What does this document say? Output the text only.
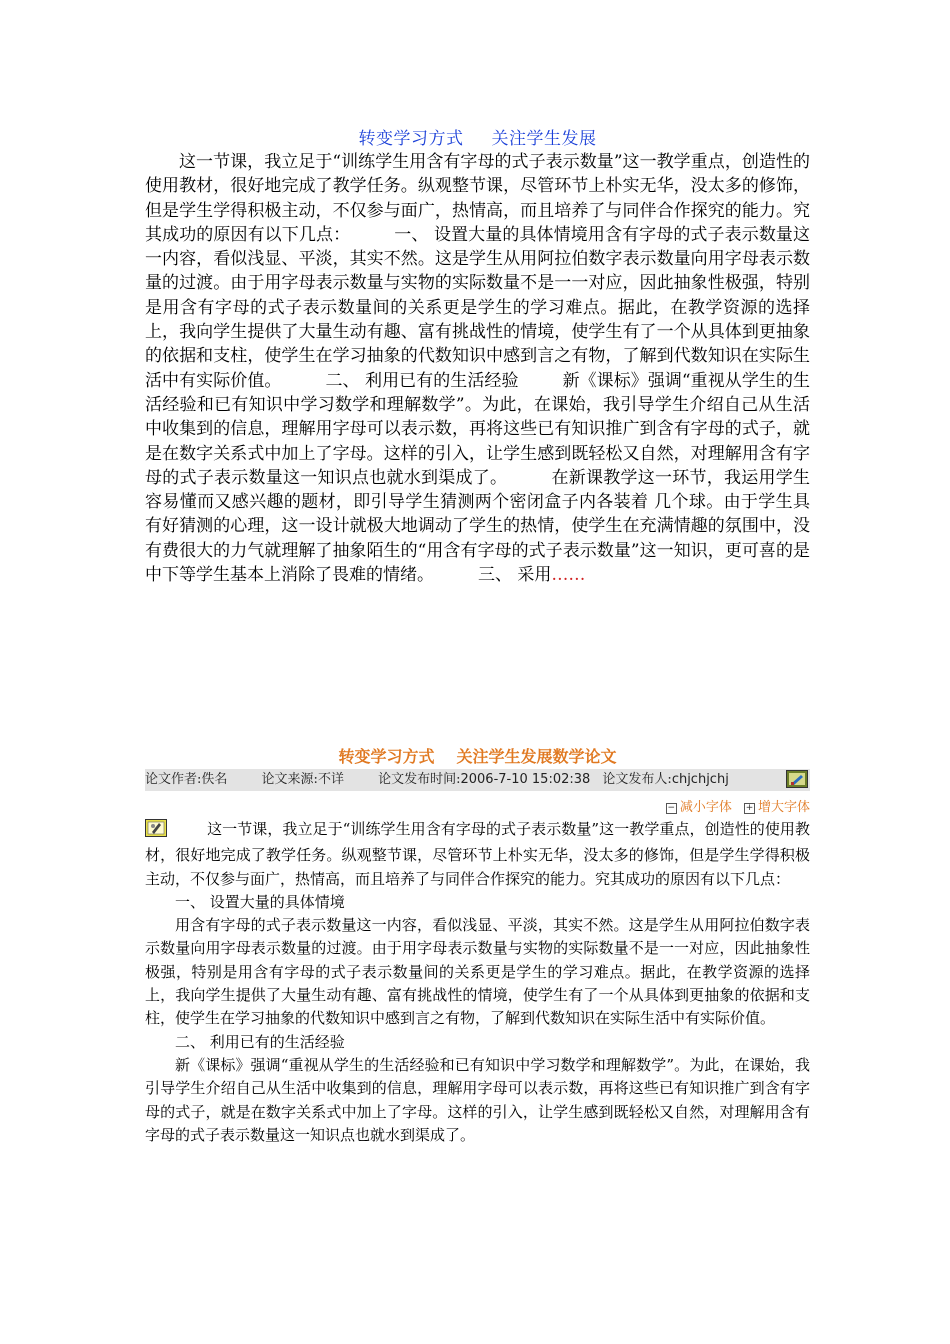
转变学习方式 关注学生发展
这一节课，我立足于“训练学生用含有字母的式子表示数量”这一教学重点，创造性的使用教材，很好地完成了教学任务。纵观整节课，尽管环节上朴实无华，没太多的修饰，但是学生学得积极主动，不仅参与面广，热情高，而且培养了与同伴合作探究的能力。究其成功的原因有以下几点：	一、 设置大量的具体情境用含有字母的式子表示数量这一内容，看似浅显、平淡，其实不然。这是学生从用阿拉伯数字表示数量向用字母表示数量的过渡。由于用字母表示数量与实物的实际数量不是一一对应，因此抽象性极强，特别是用含有字母的式子表示数量间的关系更是学生的学习难点。据此，在教学资源的选择上，我向学生提供了大量生动有趣、富有挑战性的情境，使学生有了一个从具体到更抽象的依据和支柱，使学生在学习抽象的代数知识中感到言之有物，了解到代数知识在实际生活中有实际价值。	二、 利用已有的生活经验	新《课标》强调“重视从学生的生活经验和已有知识中学习数学和理解数学”。为此，在课始，我引导学生介绍自己从生活中收集到的信息，理解用字母可以表示数，再将这些已有知识推广到含有字母的式子，就是在数字关系式中加上了字母。这样的引入，让学生感到既轻松又自然，对理解用含有字母的式子表示数量这一知识点也就水到渠成了。	在新课教学这一环节，我运用学生容易懂而又感兴趣的题材，即引导学生猜测两个密闭盒子内各装着 几个球。由于学生具有好猜测的心理，这一设计就极大地调动了学生的热情，使学生在充满情趣的氛围中，没有费很大的力气就理解了抽象陌生的“用含有字母的式子表示数量”这一知识，更可喜的是中下等学生基本上消除了畏难的情绪。	三、 采用……
转变学习方式 关注学生发展数学论文
论文作者:佚名	论文来源:不详	论文发布时间:2006-7-10 15:02:38 论文发布人:chjchjchj
− 减小字体 + 增大字体

这一节课，我立足于“训练学生用含有字母的式子表示数量”这一教学重点，创造性的使用教材，很好地完成了教学任务。纵观整节课，尽管环节上朴实无华，没太多的修饰，但是学生学得积极主动，不仅参与面广，热情高，而且培养了与同伴合作探究的能力。究其成功的原因有以下几点：

一、 设置大量的具体情境

用含有字母的式子表示数量这一内容，看似浅显、平淡，其实不然。这是学生从用阿拉伯数字表示数量向用字母表示数量的过渡。由于用字母表示数量与实物的实际数量不是一一对应，因此抽象性极强，特别是用含有字母的式子表示数量间的关系更是学生的学习难点。据此，在教学资源的选择上，我向学生提供了大量生动有趣、富有挑战性的情境，使学生有了一个从具体到更抽象的依据和支柱，使学生在学习抽象的代数知识中感到言之有物，了解到代数知识在实际生活中有实际价值。

二、 利用已有的生活经验

新《课标》强调“重视从学生的生活经验和已有知识中学习数学和理解数学”。为此，在课始，我引导学生介绍自己从生活中收集到的信息，理解用字母可以表示数，再将这些已有知识推广到含有字母的式子，就是在数字关系式中加上了字母。这样的引入，让学生感到既轻松又自然，对理解用含有字母的式子表示数量这一知识点也就水到渠成了。
